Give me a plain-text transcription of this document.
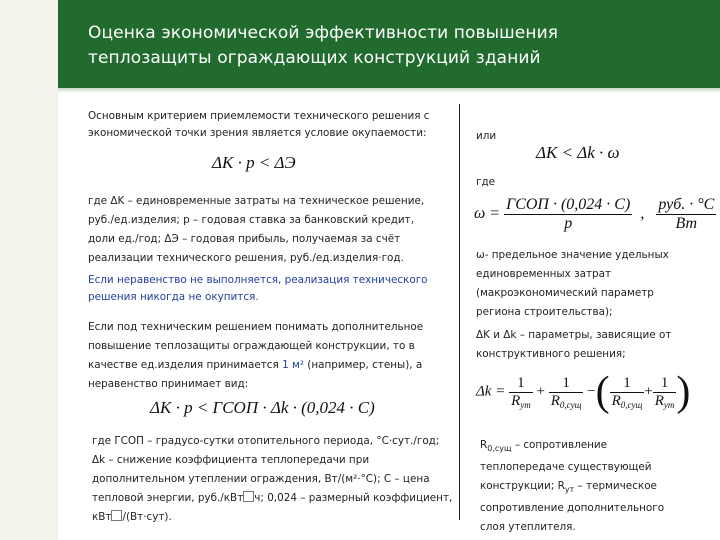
Оценка экономической эффективности повышения
теплозащиты ограждающих конструкций зданий
Основным критерием приемлемости технического решения с экономической точки зрения является условие окупаемости:
ΔK · p < ΔЭ
где ΔK – единовременные затраты на техническое решение, руб./ед.изделия; p – годовая ставка за банковский кредит, доли ед./год; ΔЭ – годовая прибыль, получаемая за счёт реализации технического решения, руб./ед.изделия·год.
Если неравенство не выполняется, реализация технического решения никогда не окупится.
Если под техническим решением понимать дополнительное повышение теплозащиты ограждающей конструкции, то в качестве ед.изделия принимается 1 м² (например, стены), а неравенство принимает вид:
ΔK · p < ГСОП · Δk · (0,024 · C)
где ГСОП – градусо-сутки отопительного периода, °C·сут./год; Δk – снижение коэффициента теплопередачи при дополнительном утеплении ограждения, Вт/(м²·°C); C – цена тепловой энергии, руб./кВт ч; 0,024 – размерный коэффициент, кВт /(Вт·сут).
или
ΔK < Δk · ω
где
$\omega = \frac{\text{ГСОП · (0,024 · C)}}{p}$ , $\frac{\text{руб. · °C}}{Вт}$
ω- предельное значение удельных единовременных затрат (макроэкономический параметр региона строительства);
ΔK и Δk – параметры, зависящие от конструктивного решения;
$\Delta k = \frac{1}{R_{ут}} + \frac{1}{R_{0,сущ}}$ −( $\frac{1}{R_{0,сущ}} + \frac{1}{R_{ут}}$ )
$R_{0,сущ}$ – сопротивление теплопередаче существующей конструкции; $R_{ут}$ – термическое сопротивление дополнительного слоя утеплителя.
